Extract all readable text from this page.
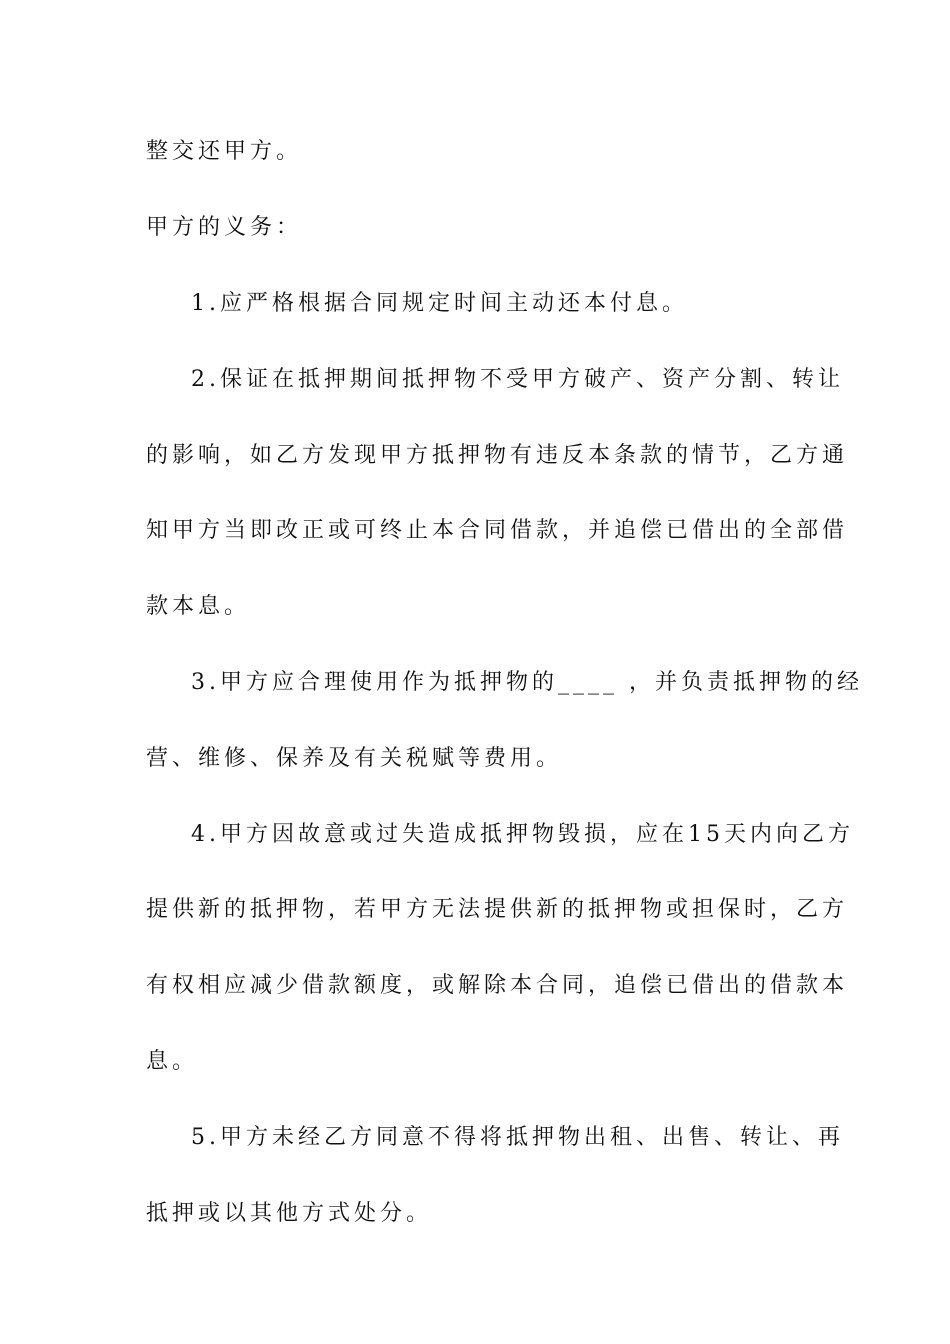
整交还甲方。
甲方的义务：
1.应严格根据合同规定时间主动还本付息。
2.保证在抵押期间抵押物不受甲方破产、资产分割、转让
的影响，如乙方发现甲方抵押物有违反本条款的情节，乙方通
知甲方当即改正或可终止本合同借款，并追偿已借出的全部借
款本息。
3.甲方应合理使用作为抵押物的____ ，并负责抵押物的经
营、维修、保养及有关税赋等费用。
4.甲方因故意或过失造成抵押物毁损，应在15天内向乙方
提供新的抵押物，若甲方无法提供新的抵押物或担保时，乙方
有权相应减少借款额度，或解除本合同，追偿已借出的借款本
息。
5.甲方未经乙方同意不得将抵押物出租、出售、转让、再
抵押或以其他方式处分。
